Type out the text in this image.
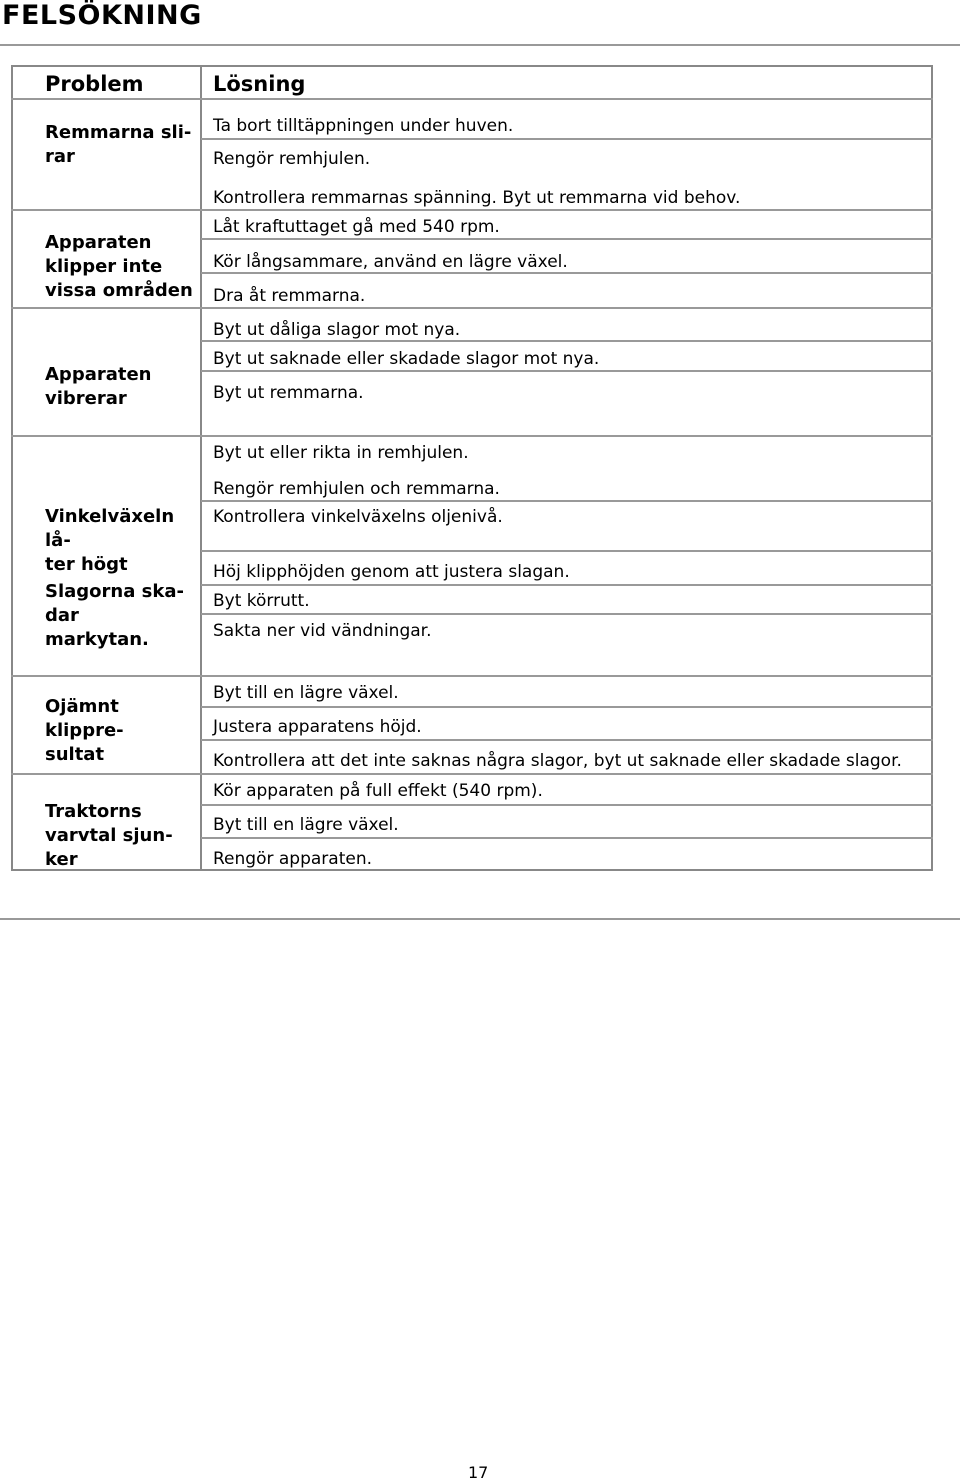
FELSÖKNING
Problem	Lösning
Remmarna sli-
rar
Apparaten
klipper inte
vissa områden
Apparaten
vibrerar
Vinkelväxeln lå-
ter högt
Slagorna ska-
dar
markytan.
Ojämnt klippre-
sultat
Traktorns
varvtal sjun-
ker
Ta bort tilltäppningen under huven.
Rengör remhjulen.
Kontrollera remmarnas spänning. Byt ut remmarna vid behov.
Låt kraftuttaget gå med 540 rpm.
Kör långsammare, använd en lägre växel.
Dra åt remmarna.
Byt ut dåliga slagor mot nya.
Byt ut saknade eller skadade slagor mot nya.
Byt ut remmarna.
Byt ut eller rikta in remhjulen.
Rengör remhjulen och remmarna.
Kontrollera vinkelväxelns oljenivå.
Höj klipphöjden genom att justera slagan.
Byt körrutt.
Sakta ner vid vändningar.
Byt till en lägre växel.
Justera apparatens höjd.
Kontrollera att det inte saknas några slagor, byt ut saknade eller skadade slagor.
Kör apparaten på full effekt (540 rpm).
Byt till en lägre växel.
Rengör apparaten.
17
